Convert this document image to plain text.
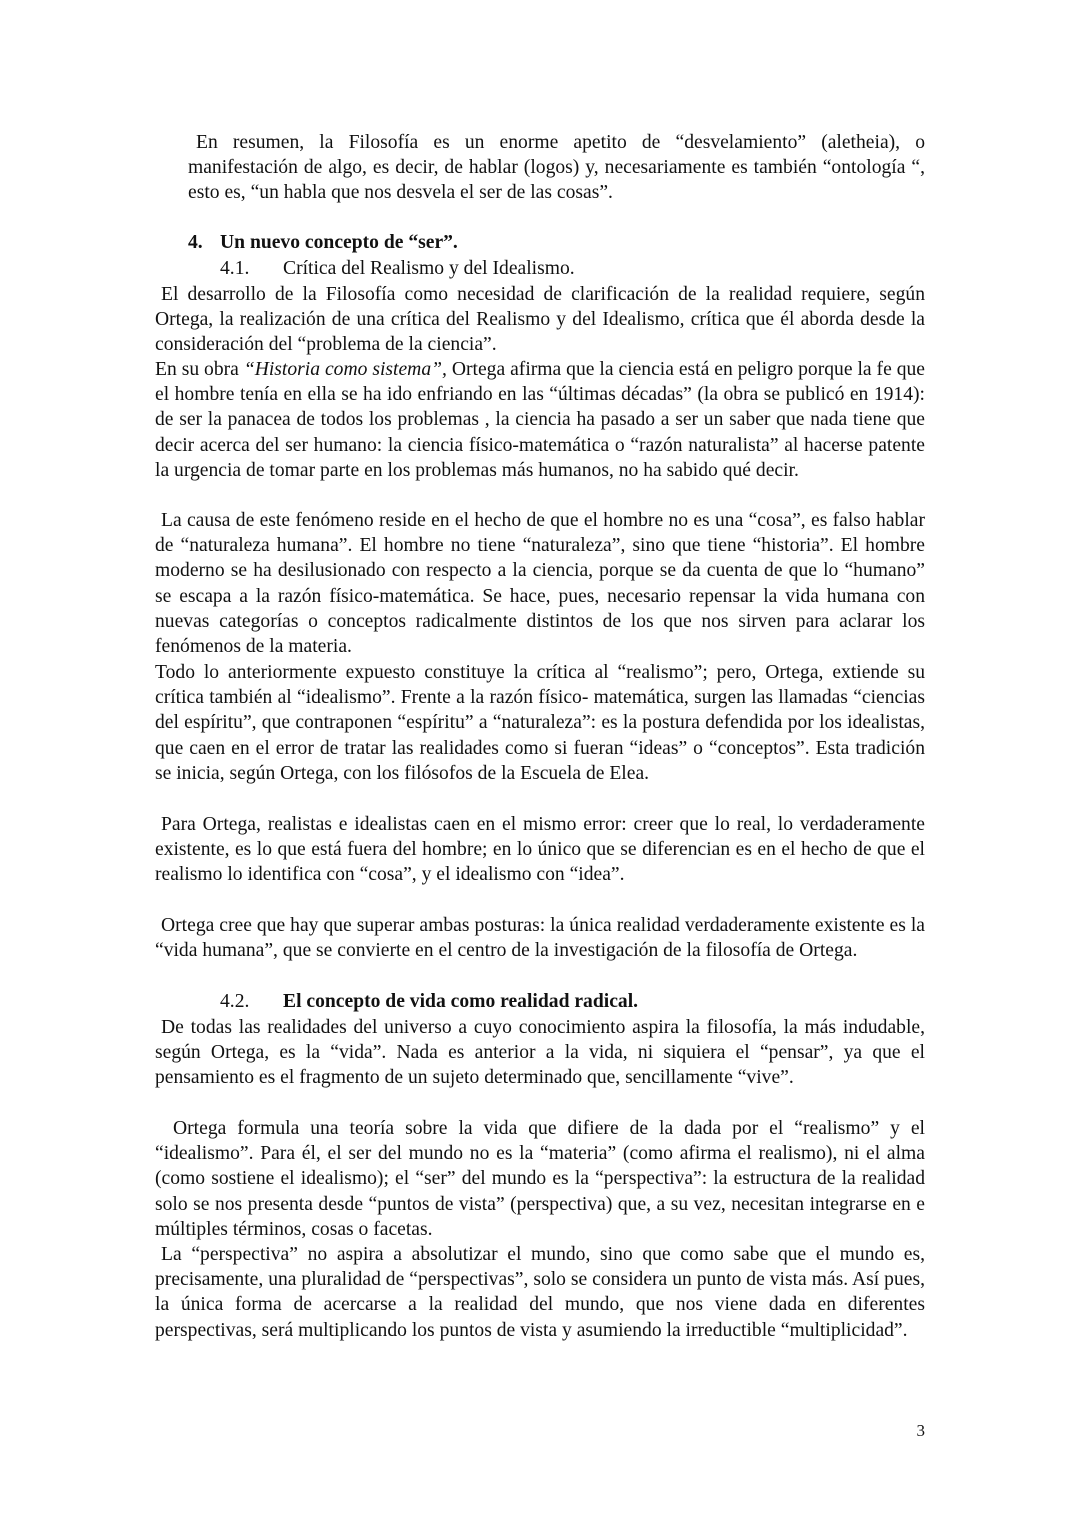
En resumen, la Filosofía es un enorme apetito de “desvelamiento” (aletheia), o manifestación de algo, es decir, de hablar (logos) y, necesariamente es también “ontología “, esto es, “un habla que nos desvela el ser de las cosas”.

4. Un nuevo concepto de “ser”.

4.1. Crítica del Realismo y del Idealismo.

El desarrollo de la Filosofía como necesidad de clarificación de la realidad requiere, según Ortega, la realización de una crítica del Realismo y del Idealismo, crítica que él aborda desde la consideración del “problema de la ciencia”.

En su obra “Historia como sistema”, Ortega afirma que la ciencia está en peligro porque la fe que el hombre tenía en ella se ha ido enfriando en las “últimas décadas” (la obra se publicó en 1914): de ser la panacea de todos los problemas , la ciencia ha pasado a ser un saber que nada tiene que decir acerca del ser humano: la ciencia físico-matemática o “razón naturalista” al hacerse patente la urgencia de tomar parte en los problemas más humanos, no ha sabido qué decir.

La causa de este fenómeno reside en el hecho de que el hombre no es una “cosa”, es falso hablar de “naturaleza humana”. El hombre no tiene “naturaleza”, sino que tiene “historia”. El hombre moderno se ha desilusionado con respecto a la ciencia, porque se da cuenta de que lo “humano” se escapa a la razón físico-matemática. Se hace, pues, necesario repensar la vida humana con nuevas categorías o conceptos radicalmente distintos de los que nos sirven para aclarar los fenómenos de la materia.

Todo lo anteriormente expuesto constituye la crítica al “realismo”; pero, Ortega, extiende su crítica también al “idealismo”. Frente a la razón físico- matemática, surgen las llamadas “ciencias del espíritu”, que contraponen “espíritu” a “naturaleza”: es la postura defendida por los idealistas, que caen en el error de tratar las realidades como si fueran “ideas” o “conceptos”. Esta tradición se inicia, según Ortega, con los filósofos de la Escuela de Elea.

Para Ortega, realistas e idealistas caen en el mismo error: creer que lo real, lo verdaderamente existente, es lo que está fuera del hombre; en lo único que se diferencian es en el hecho de que el realismo lo identifica con “cosa”, y el idealismo con “idea”.

Ortega cree que hay que superar ambas posturas: la única realidad verdaderamente existente es la “vida humana”, que se convierte en el centro de la investigación de la filosofía de Ortega.

4.2. El concepto de vida como realidad radical.

De todas las realidades del universo a cuyo conocimiento aspira la filosofía, la más indudable, según Ortega, es la “vida”. Nada es anterior a la vida, ni siquiera el “pensar”, ya que el pensamiento es el fragmento de un sujeto determinado que, sencillamente “vive”.

Ortega formula una teoría sobre la vida que difiere de la dada por el “realismo” y el “idealismo”. Para él, el ser del mundo no es la “materia” (como afirma el realismo), ni el alma (como sostiene el idealismo); el “ser” del mundo es la “perspectiva”: la estructura de la realidad solo se nos presenta desde “puntos de vista” (perspectiva) que, a su vez, necesitan integrarse en e múltiples términos, cosas o facetas.

La “perspectiva” no aspira a absolutizar el mundo, sino que como sabe que el mundo es, precisamente, una pluralidad de “perspectivas”, solo se considera un punto de vista más. Así pues, la única forma de acercarse a la realidad del mundo, que nos viene dada en diferentes perspectivas, será multiplicando los puntos de vista y asumiendo la irreductible “multiplicidad”.

3
